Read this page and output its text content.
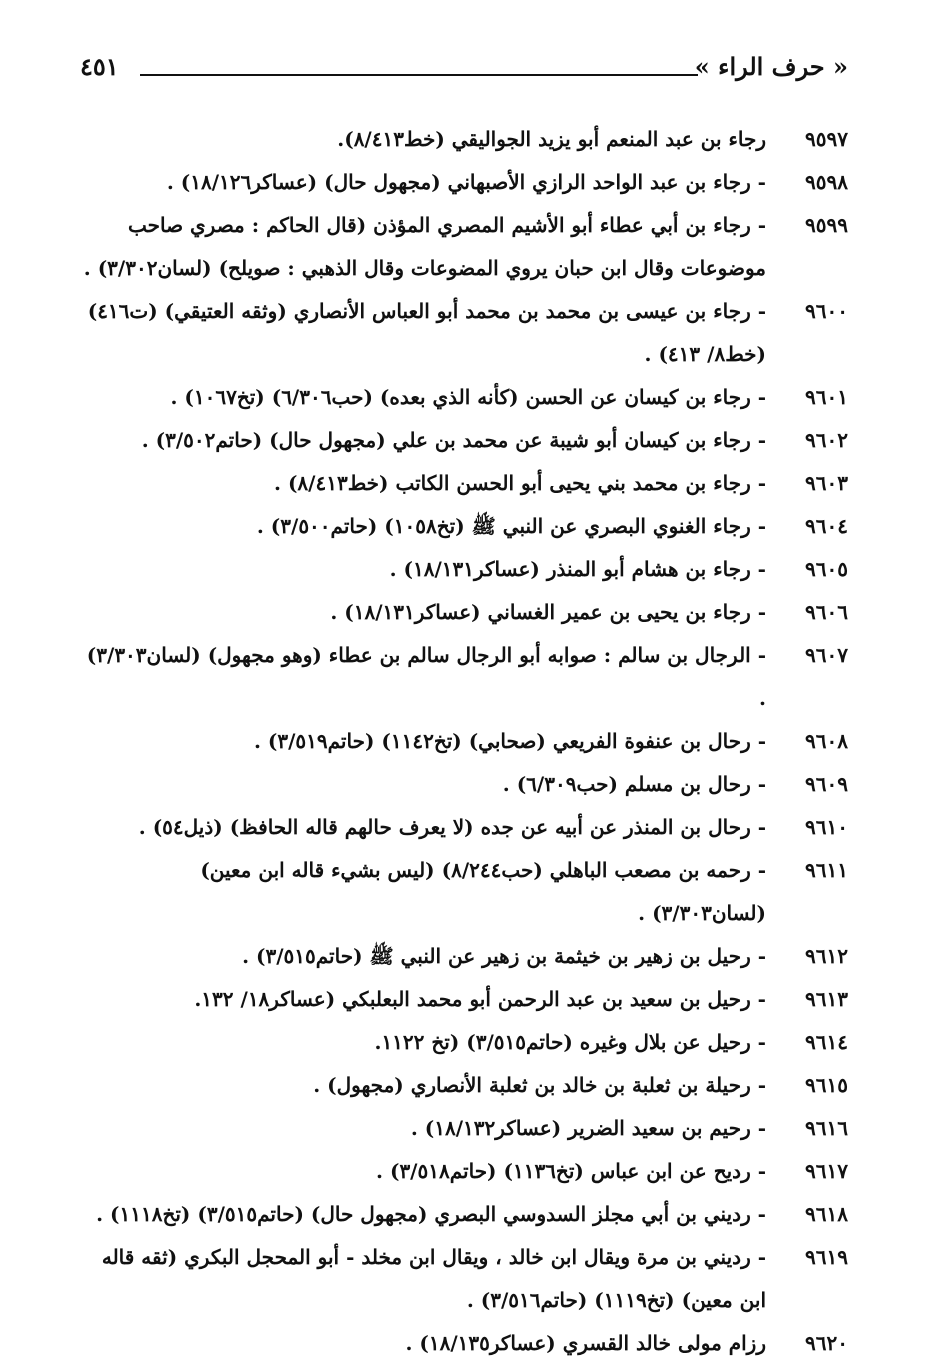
« حرف الراء »
٤٥١
٩٥٩٧
رجاء بن عبد المنعم أبو يزيد الجواليقي (خط٨/٤١٣).
٩٥٩٨
- رجاء بن عبد الواحد الرازي الأصبهاني (مجهول حال) (عساكر١٨/١٢٦) .
٩٥٩٩
- رجاء بن أبي عطاء أبو الأشيم المصري المؤذن (قال الحاكم : مصري صاحب موضوعات وقال ابن حبان يروي المضوعات وقال الذهبي : صويلح) (لسان٣/٣٠٢) .
٩٦٠٠
- رجاء بن عيسى بن محمد بن محمد أبو العباس الأنصاري (وثقه العتيقي) (ت٤١٦) (خط٨/ ٤١٣) .
٩٦٠١
- رجاء بن كيسان عن الحسن (كأنه الذي بعده) (حب٦/٣٠٦) (تخ١٠٦٧) .
٩٦٠٢
- رجاء بن كيسان أبو شيبة عن محمد بن علي (مجهول حال) (حاتم٣/٥٠٢) .
٩٦٠٣
- رجاء بن محمد بني يحيى أبو الحسن الكاتب (خط٨/٤١٣) .
٩٦٠٤
- رجاء الغنوي البصري عن النبي ﷺ (تخ١٠٥٨) (حاتم٣/٥٠٠) .
٩٦٠٥
- رجاء بن هشام أبو المنذر (عساكر١٨/١٣١) .
٩٦٠٦
- رجاء بن يحيى بن عمير الغساني (عساكر١٨/١٣١) .
٩٦٠٧
- الرجال بن سالم : صوابه أبو الرجال سالم بن عطاء (وهو مجهول) (لسان٣/٣٠٣) .
٩٦٠٨
- رحال بن عنفوة الفريعي (صحابي) (تخ١١٤٢) (حاتم٣/٥١٩) .
٩٦٠٩
- رحال بن مسلم (حب٦/٣٠٩) .
٩٦١٠
- رحال بن المنذر عن أبيه عن جده (لا يعرف حالهم قاله الحافظ) (ذيل٥٤) .
٩٦١١
- رحمه بن مصعب الباهلي (حب٨/٢٤٤) (ليس بشيء قاله ابن معين) (لسان٣/٣٠٣) .
٩٦١٢
- رحيل بن زهير بن خيثمة بن زهير عن النبي ﷺ (حاتم٣/٥١٥) .
٩٦١٣
- رحيل بن سعيد بن عبد الرحمن أبو محمد البعلبكي (عساكر١٨/ ١٣٢.
٩٦١٤
- رحيل عن بلال وغيره (حاتم٣/٥١٥) (تخ ١١٢٢.
٩٦١٥
- رحيلة بن ثعلبة بن خالد بن ثعلبة الأنصاري (مجهول) .
٩٦١٦
- رحيم بن سعيد الضرير (عساكر١٨/١٣٢) .
٩٦١٧
- رديح عن ابن عباس (تخ١١٣٦) (حاتم٣/٥١٨) .
٩٦١٨
- رديني بن أبي مجلز السدوسي البصري (مجهول حال) (حاتم٣/٥١٥) (تخ١١١٨) .
٩٦١٩
- رديني بن مرة ويقال ابن خالد ، ويقال ابن مخلد - أبو المحجل البكري (ثقه قاله ابن معين) (تخ١١١٩) (حاتم٣/٥١٦) .
٩٦٢٠
رزام مولى خالد القسري (عساكر١٨/١٣٥) .
